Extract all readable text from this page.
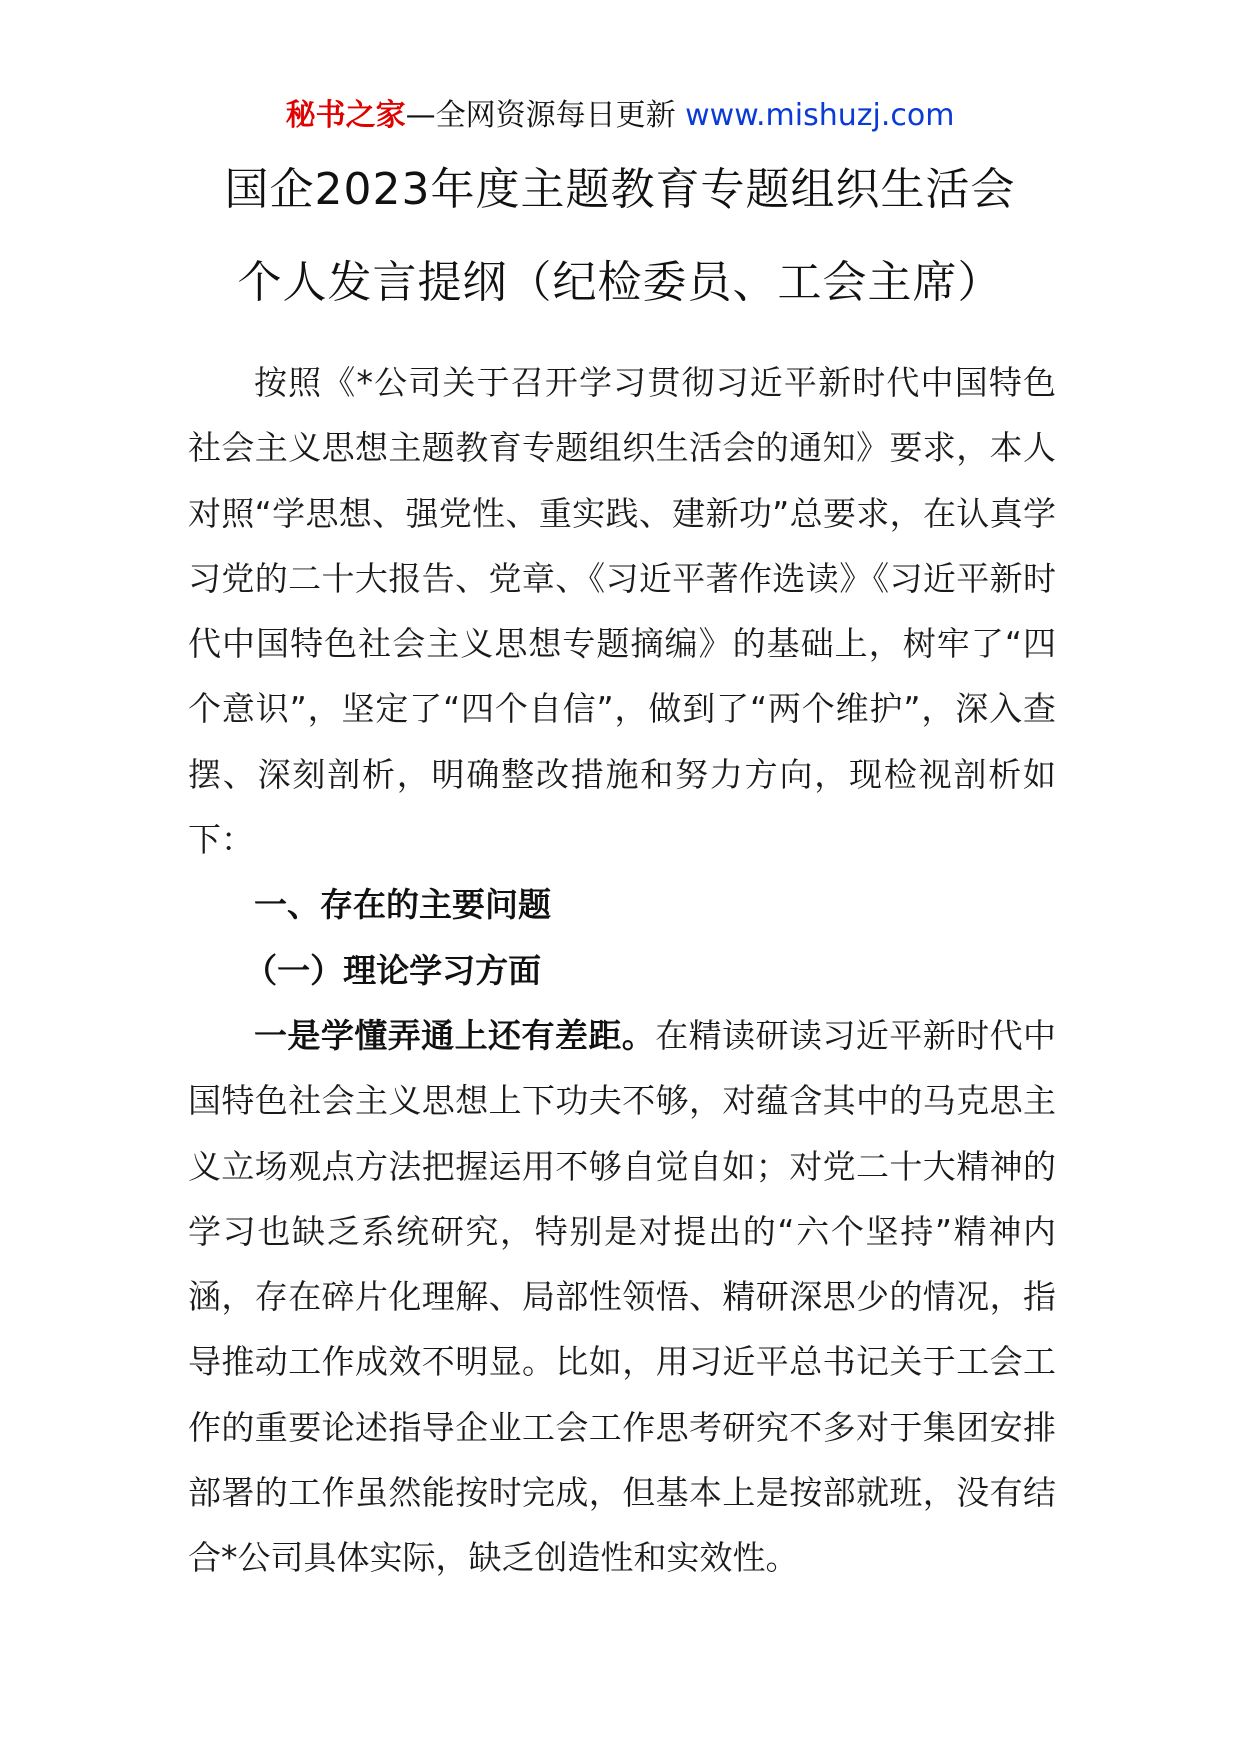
秘书之家—全网资源每日更新 www.mishuzj.com
国企2023年度主题教育专题组织生活会
个人发言提纲（纪检委员、工会主席）

按照《*公司关于召开学习贯彻习近平新时代中国特色社会主义思想主题教育专题组织生活会的通知》要求，本人对照“学思想、强党性、重实践、建新功”总要求，在认真学习党的二十大报告、党章、《习近平著作选读》《习近平新时代中国特色社会主义思想专题摘编》的基础上，树牢了“四个意识”，坚定了“四个自信”，做到了“两个维护”，深入查摆、深刻剖析，明确整改措施和努力方向，现检视剖析如下：

一、存在的主要问题

（一）理论学习方面

一是学懂弄通上还有差距。在精读研读习近平新时代中国特色社会主义思想上下功夫不够，对蕴含其中的马克思主义立场观点方法把握运用不够自觉自如；对党二十大精神的学习也缺乏系统研究，特别是对提出的“六个坚持”精神内涵，存在碎片化理解、局部性领悟、精研深思少的情况，指导推动工作成效不明显。比如，用习近平总书记关于工会工作的重要论述指导企业工会工作思考研究不多对于集团安排部署的工作虽然能按时完成，但基本上是按部就班，没有结合*公司具体实际，缺乏创造性和实效性。
